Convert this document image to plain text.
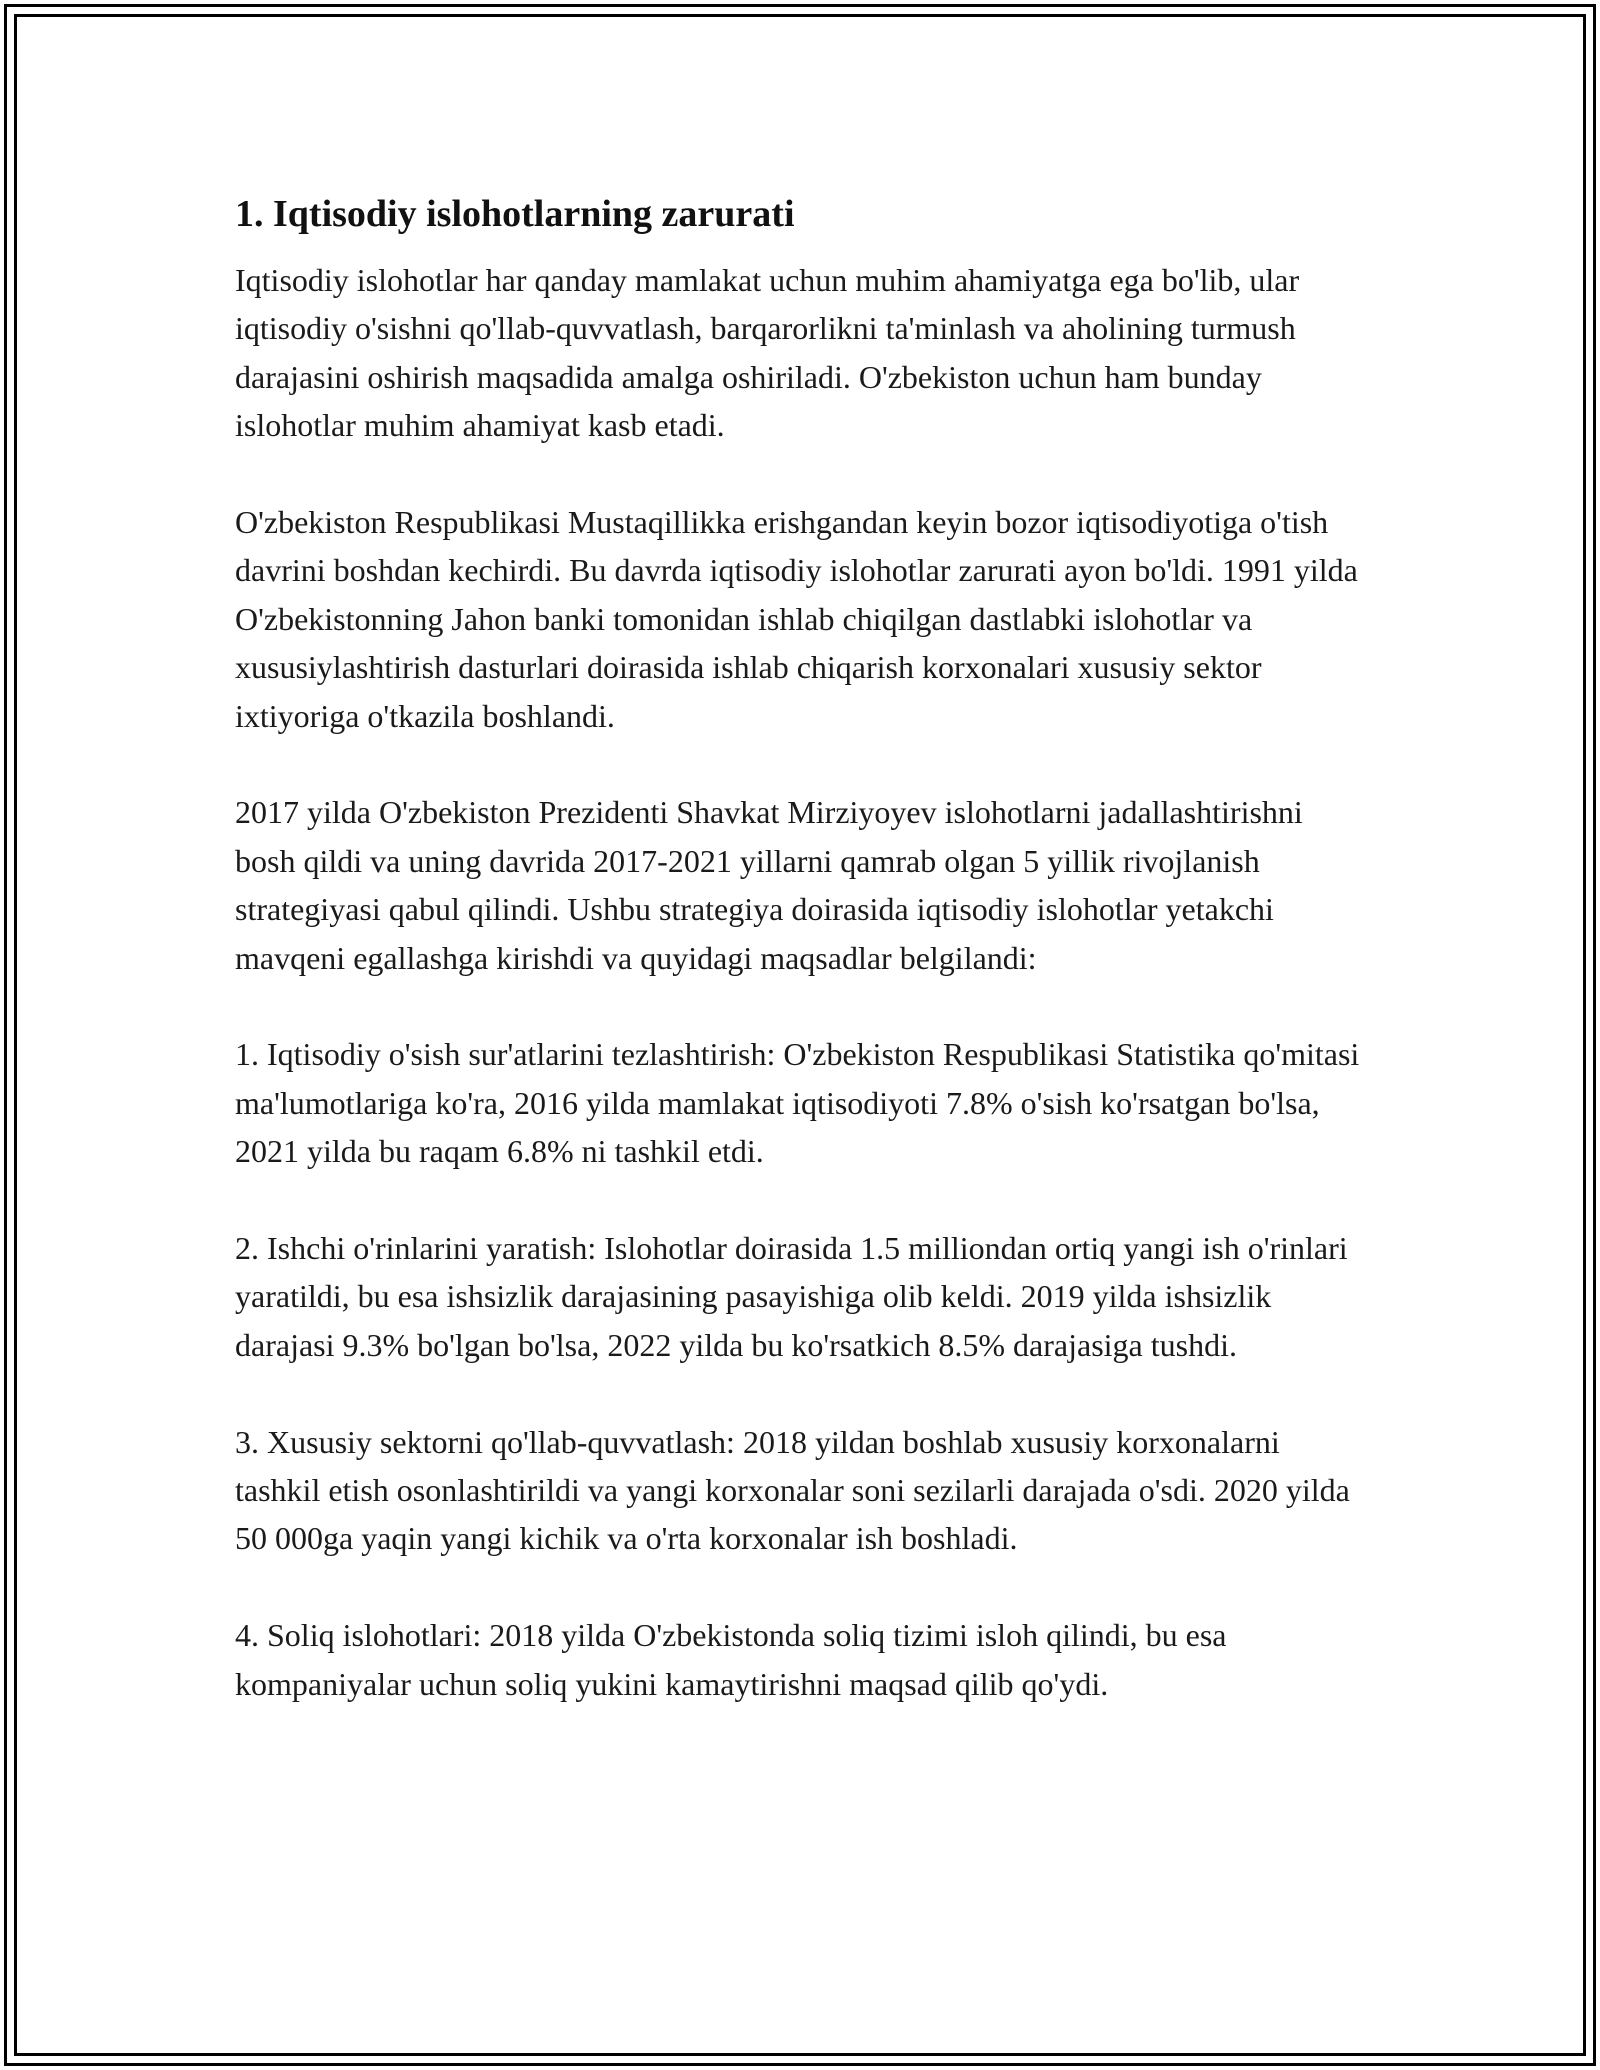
1. Iqtisodiy islohotlarning zarurati

Iqtisodiy islohotlar har qanday mamlakat uchun muhim ahamiyatga ega bo'lib, ular iqtisodiy o'sishni qo'llab-quvvatlash, barqarorlikni ta'minlash va aholining turmush darajasini oshirish maqsadida amalga oshiriladi. O'zbekiston uchun ham bunday islohotlar muhim ahamiyat kasb etadi.

O'zbekiston Respublikasi Mustaqillikka erishgandan keyin bozor iqtisodiyotiga o'tish davrini boshdan kechirdi. Bu davrda iqtisodiy islohotlar zarurati ayon bo'ldi. 1991 yilda O'zbekistonning Jahon banki tomonidan ishlab chiqilgan dastlabki islohotlar va xususiylashtirish dasturlari doirasida ishlab chiqarish korxonalari xususiy sektor ixtiyoriga o'tkazila boshlandi.

2017 yilda O'zbekiston Prezidenti Shavkat Mirziyoyev islohotlarni jadallashtirishni bosh qildi va uning davrida 2017-2021 yillarni qamrab olgan 5 yillik rivojlanish strategiyasi qabul qilindi. Ushbu strategiya doirasida iqtisodiy islohotlar yetakchi mavqeni egallashga kirishdi va quyidagi maqsadlar belgilandi:

1. Iqtisodiy o'sish sur'atlarini tezlashtirish: O'zbekiston Respublikasi Statistika qo'mitasi ma'lumotlariga ko'ra, 2016 yilda mamlakat iqtisodiyoti 7.8% o'sish ko'rsatgan bo'lsa, 2021 yilda bu raqam 6.8% ni tashkil etdi.

2. Ishchi o'rinlarini yaratish: Islohotlar doirasida 1.5 milliondan ortiq yangi ish o'rinlari yaratildi, bu esa ishsizlik darajasining pasayishiga olib keldi. 2019 yilda ishsizlik darajasi 9.3% bo'lgan bo'lsa, 2022 yilda bu ko'rsatkich 8.5% darajasiga tushdi.

3. Xususiy sektorni qo'llab-quvvatlash: 2018 yildan boshlab xususiy korxonalarni tashkil etish osonlashtirildi va yangi korxonalar soni sezilarli darajada o'sdi. 2020 yilda 50 000ga yaqin yangi kichik va o'rta korxonalar ish boshladi.

4. Soliq islohotlari: 2018 yilda O'zbekistonda soliq tizimi isloh qilindi, bu esa kompaniyalar uchun soliq yukini kamaytirishni maqsad qilib qo'ydi.
